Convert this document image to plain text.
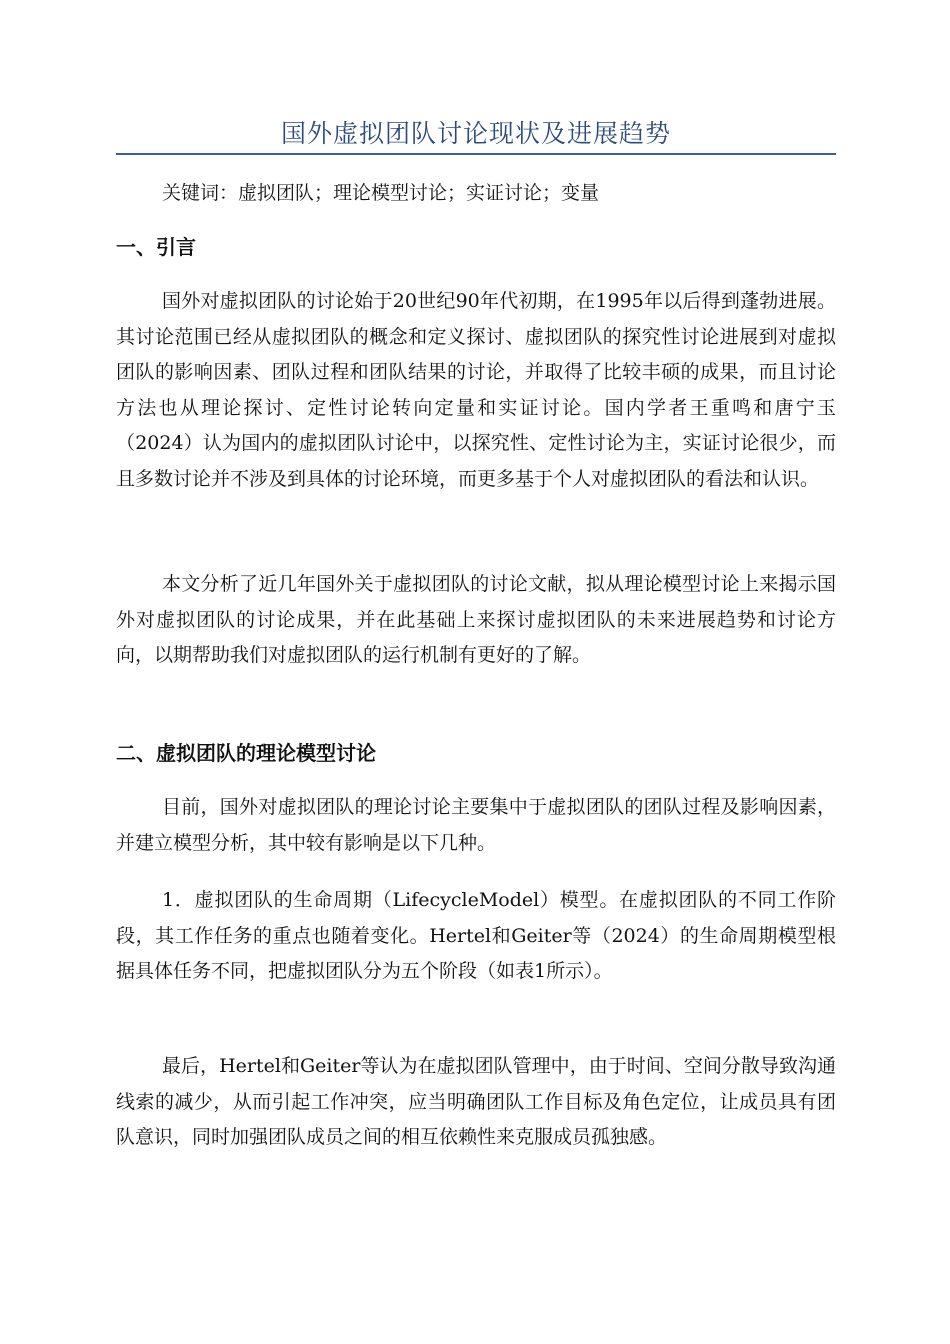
国外虚拟团队讨论现状及进展趋势

关键词：虚拟团队；理论模型讨论；实证讨论；变量

一、引言

国外对虚拟团队的讨论始于20世纪90年代初期，在1995年以后得到蓬勃进展。其讨论范围已经从虚拟团队的概念和定义探讨、虚拟团队的探究性讨论进展到对虚拟团队的影响因素、团队过程和团队结果的讨论，并取得了比较丰硕的成果，而且讨论方法也从理论探讨、定性讨论转向定量和实证讨论。国内学者王重鸣和唐宁玉（2024）认为国内的虚拟团队讨论中，以探究性、定性讨论为主，实证讨论很少，而且多数讨论并不涉及到具体的讨论环境，而更多基于个人对虚拟团队的看法和认识。

本文分析了近几年国外关于虚拟团队的讨论文献，拟从理论模型讨论上来揭示国外对虚拟团队的讨论成果，并在此基础上来探讨虚拟团队的未来进展趋势和讨论方向，以期帮助我们对虚拟团队的运行机制有更好的了解。

二、虚拟团队的理论模型讨论

目前，国外对虚拟团队的理论讨论主要集中于虚拟团队的团队过程及影响因素，并建立模型分析，其中较有影响是以下几种。

1．虚拟团队的生命周期（LifecycleModel）模型。在虚拟团队的不同工作阶段，其工作任务的重点也随着变化。Hertel和Geiter等（2024）的生命周期模型根据具体任务不同，把虚拟团队分为五个阶段（如表1所示）。

最后，Hertel和Geiter等认为在虚拟团队管理中，由于时间、空间分散导致沟通线索的减少，从而引起工作冲突，应当明确团队工作目标及角色定位，让成员具有团队意识，同时加强团队成员之间的相互依赖性来克服成员孤独感。
